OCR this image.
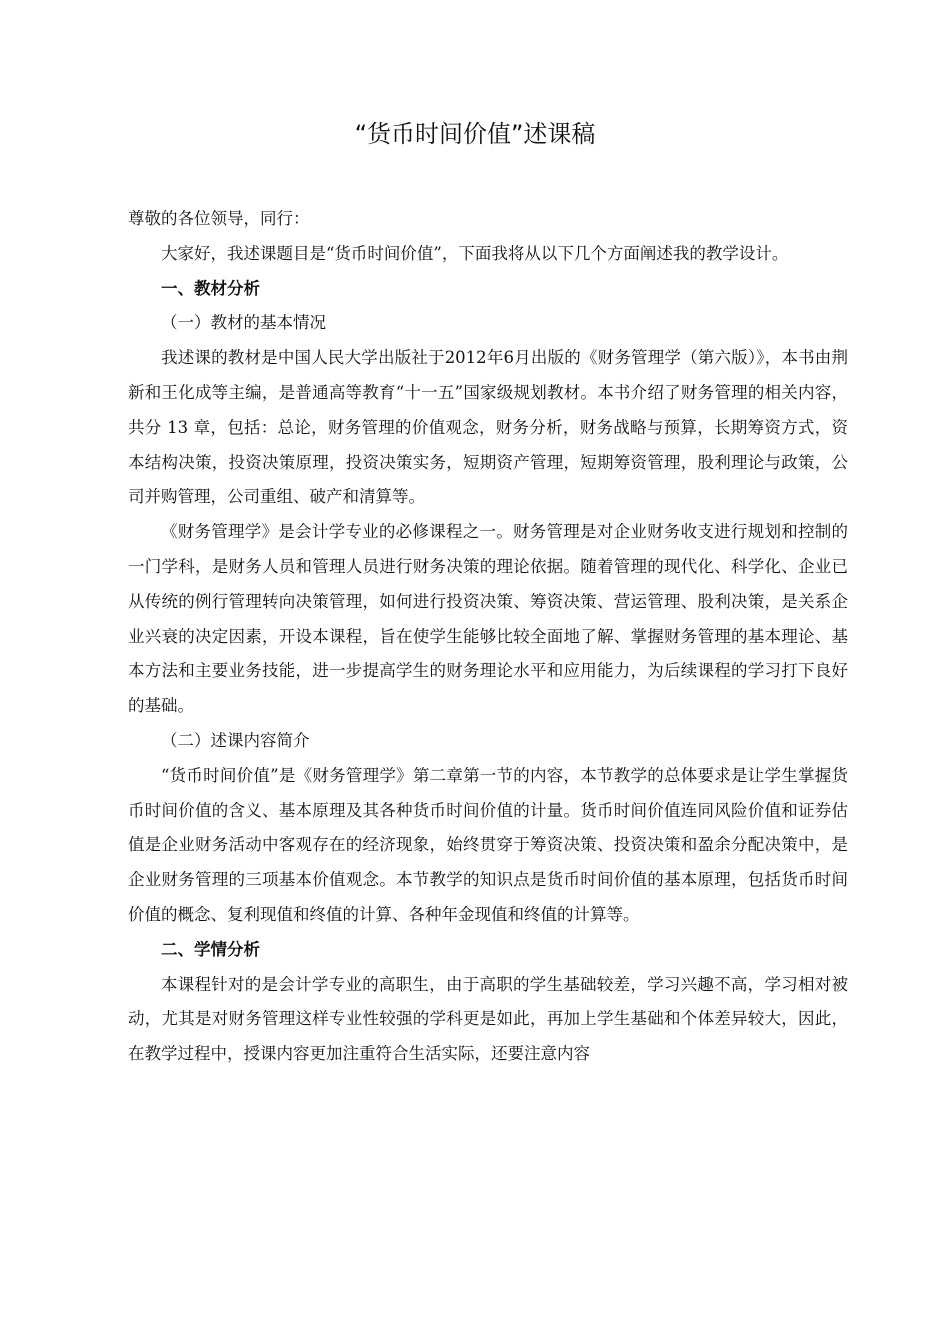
“货币时间价值”述课稿

尊敬的各位领导，同行：

大家好，我述课题目是“货币时间价值”，下面我将从以下几个方面阐述我的教学设计。

一、教材分析

（一）教材的基本情况

我述课的教材是中国人民大学出版社于2012年6月出版的《财务管理学（第六版）》，本书由荆新和王化成等主编，是普通高等教育“十一五”国家级规划教材。本书介绍了财务管理的相关内容，共分 13 章，包括：总论，财务管理的价值观念，财务分析，财务战略与预算，长期筹资方式，资本结构决策，投资决策原理，投资决策实务，短期资产管理，短期筹资管理，股利理论与政策，公司并购管理，公司重组、破产和清算等。

《财务管理学》是会计学专业的必修课程之一。财务管理是对企业财务收支进行规划和控制的一门学科，是财务人员和管理人员进行财务决策的理论依据。随着管理的现代化、科学化、企业已从传统的例行管理转向决策管理，如何进行投资决策、筹资决策、营运管理、股利决策，是关系企业兴衰的决定因素，开设本课程，旨在使学生能够比较全面地了解、掌握财务管理的基本理论、基本方法和主要业务技能，进一步提高学生的财务理论水平和应用能力，为后续课程的学习打下良好的基础。

（二）述课内容简介

“货币时间价值”是《财务管理学》第二章第一节的内容，本节教学的总体要求是让学生掌握货币时间价值的含义、基本原理及其各种货币时间价值的计量。货币时间价值连同风险价值和证券估值是企业财务活动中客观存在的经济现象，始终贯穿于筹资决策、投资决策和盈余分配决策中，是企业财务管理的三项基本价值观念。本节教学的知识点是货币时间价值的基本原理，包括货币时间价值的概念、复利现值和终值的计算、各种年金现值和终值的计算等。

二、学情分析

本课程针对的是会计学专业的高职生，由于高职的学生基础较差，学习兴趣不高，学习相对被动，尤其是对财务管理这样专业性较强的学科更是如此，再加上学生基础和个体差异较大，因此，在教学过程中，授课内容更加注重符合生活实际，还要注意内容
